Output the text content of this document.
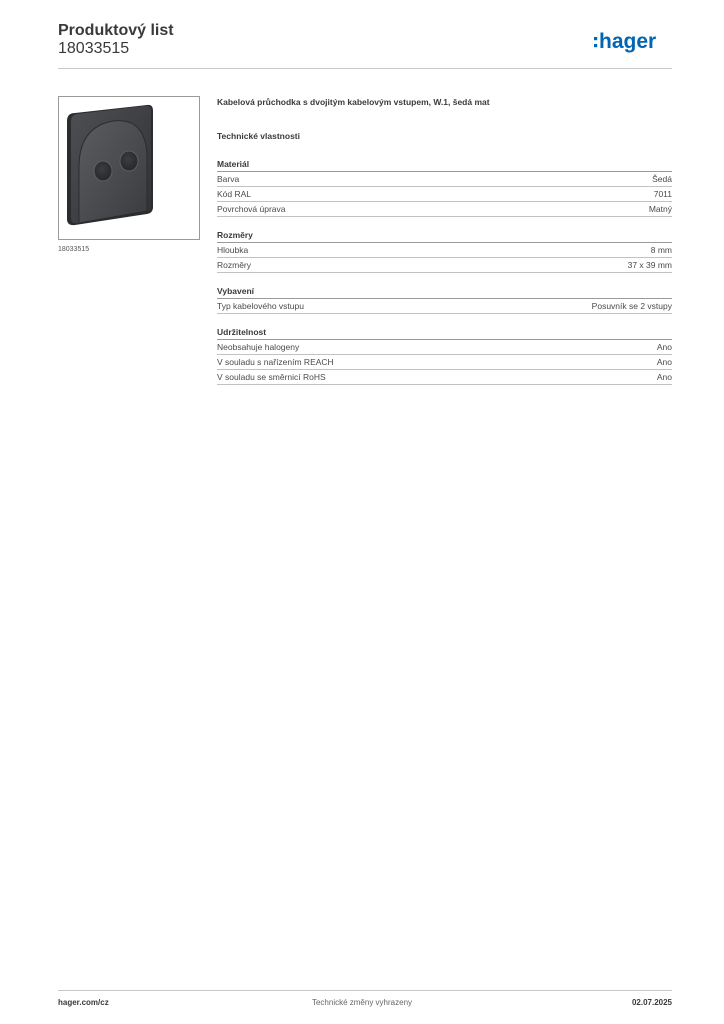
Produktový list
18033515	hager
18033515
Kabelová průchodka s dvojitým kabelovým vstupem, W.1, šedá mat
Technické vlastnosti
Materiál
Barva	Šedá
Kód RAL	7011
Povrchová úprava	Matný
Rozměry
Hloubka	8 mm
Rozměry	37 x 39 mm
Vybavení
Typ kabelového vstupu	Posuvník se 2 vstupy
Udržitelnost
Neobsahuje halogeny	Ano
V souladu s nařízením REACH	Ano
V souladu se směrnicí RoHS	Ano
hager.com/cz	Technické změny vyhrazeny	02.07.2025
